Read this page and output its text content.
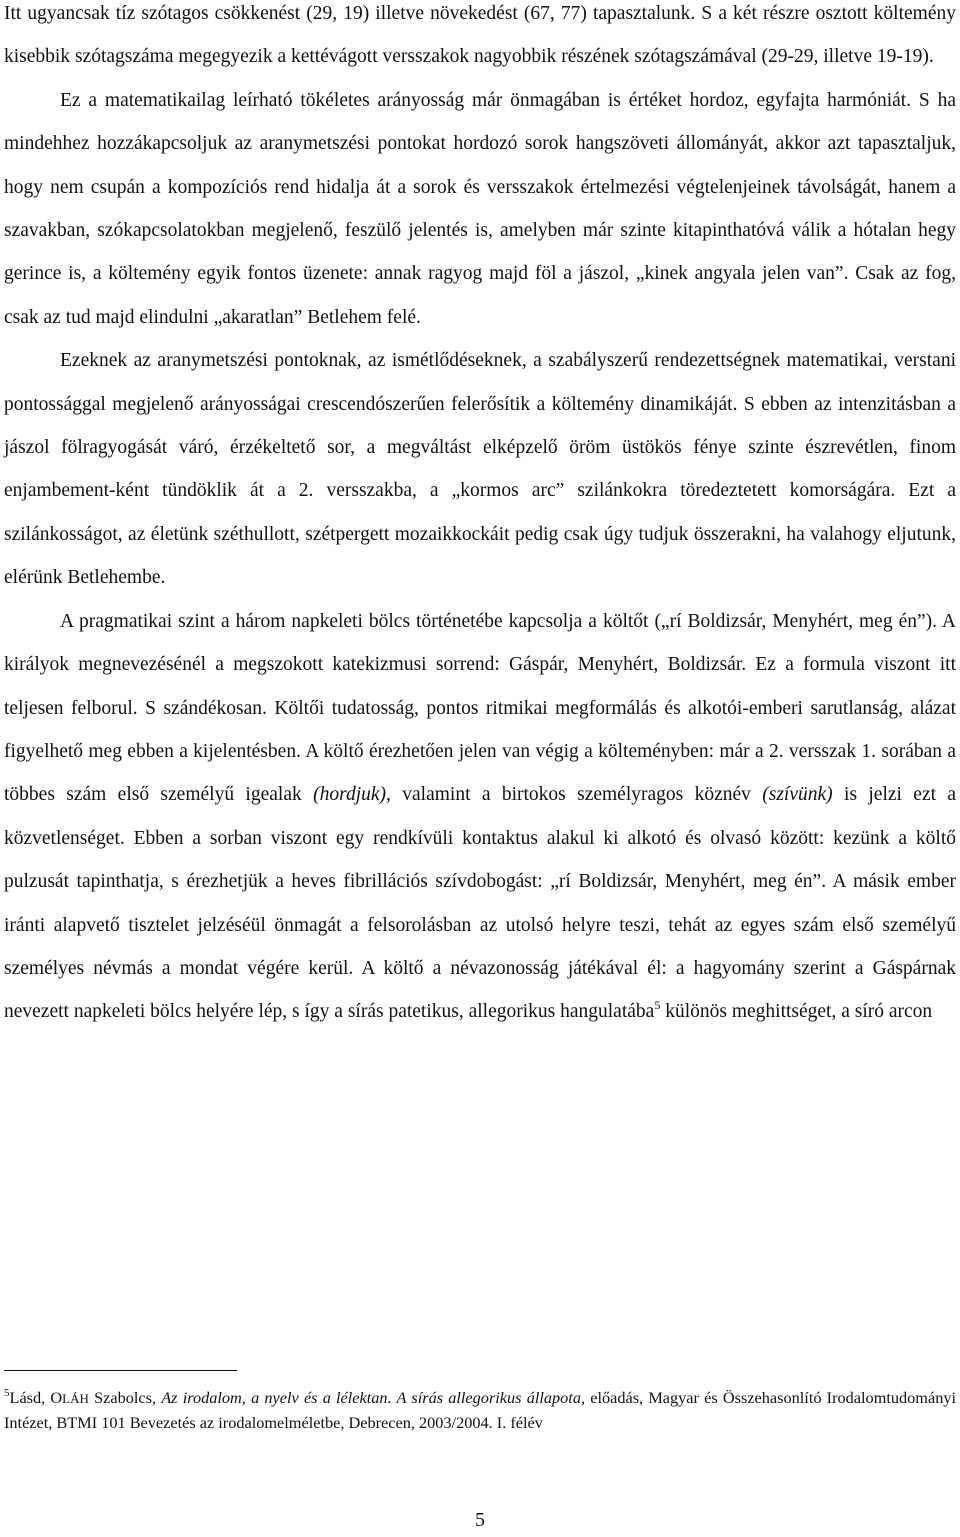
Itt ugyancsak tíz szótagos csökkenést (29, 19) illetve növekedést (67, 77) tapasztalunk. S a két részre osztott költemény kisebbik szótagszáma megegyezik a kettévágott versszakok nagyobbik részének szótagszámával (29-29, illetve 19-19).
Ez a matematikailag leírható tökéletes arányosság már önmagában is értéket hordoz, egyfajta harmóniát. S ha mindehhez hozzákapcsoljuk az aranymetszési pontokat hordozó sorok hangszöveti állományát, akkor azt tapasztaljuk, hogy nem csupán a kompozíciós rend hidalja át a sorok és versszakok értelmezési végtelenjeinek távolságát, hanem a szavakban, szókapcsolatokban megjelenő, feszülő jelentés is, amelyben már szinte kitapinthatóvá válik a hótalan hegy gerince is, a költemény egyik fontos üzenete: annak ragyog majd föl a jászol, „kinek angyala jelen van”. Csak az fog, csak az tud majd elindulni „akaratlan” Betlehem felé.
Ezeknek az aranymetszési pontoknak, az ismétlődéseknek, a szabályszerű rendezettségnek matematikai, verstani pontossággal megjelenő arányosságai crescendószerűen felerősítik a költemény dinamikáját. S ebben az intenzitásban a jászol fölragyogását váró, érzékeltető sor, a megváltást elképzelő öröm üstökös fénye szinte észrevétlen, finom enjambement-ként tündöklik át a 2. versszakba, a „kormos arc” szilánkokra töredeztetett komorságára. Ezt a szilánkosságot, az életünk széthullott, szétpergett mozaikkockáit pedig csak úgy tudjuk összerakni, ha valahogy eljutunk, elérünk Betlehembe.
A pragmatikai szint a három napkeleti bölcs történetébe kapcsolja a költőt („rí Boldizsár, Menyhért, meg én”). A királyok megnevezésénél a megszokott katekizmusi sorrend: Gáspár, Menyhért, Boldizsár. Ez a formula viszont itt teljesen felborul. S szándékosan. Költői tudatosság, pontos ritmikai megformálás és alkotói-emberi sarutlanság, alázat figyelhető meg ebben a kijelentésben. A költő érezhetően jelen van végig a költeményben: már a 2. versszak 1. sorában a többes szám első személyű igealak (hordjuk), valamint a birtokos személyragos köznév (szívünk) is jelzi ezt a közvetlenséget. Ebben a sorban viszont egy rendkívüli kontaktus alakul ki alkotó és olvasó között: kezünk a költő pulzusát tapinthatja, s érezhetjük a heves fibrillációs szívdobogást: „rí Boldizsár, Menyhért, meg én”. A másik ember iránti alapvető tisztelet jelzéséül önmagát a felsorolásban az utolsó helyre teszi, tehát az egyes szám első személyű személyes névmás a mondat végére kerül. A költő a névazonosság játékával él: a hagyomány szerint a Gáspárnak nevezett napkeleti bölcs helyére lép, s így a sírás patetikus, allegorikus hangulatába$^5$ különös meghittséget, a síró arcon

$^5$Lásd, OLÁH Szabolcs, Az irodalom, a nyelv és a lélektan. A sírás allegorikus állapota, előadás, Magyar és Összehasonlító Irodalomtudományi Intézet, BTMI 101 Bevezetés az irodalomelméletbe, Debrecen, 2003/2004. I. félév
5
